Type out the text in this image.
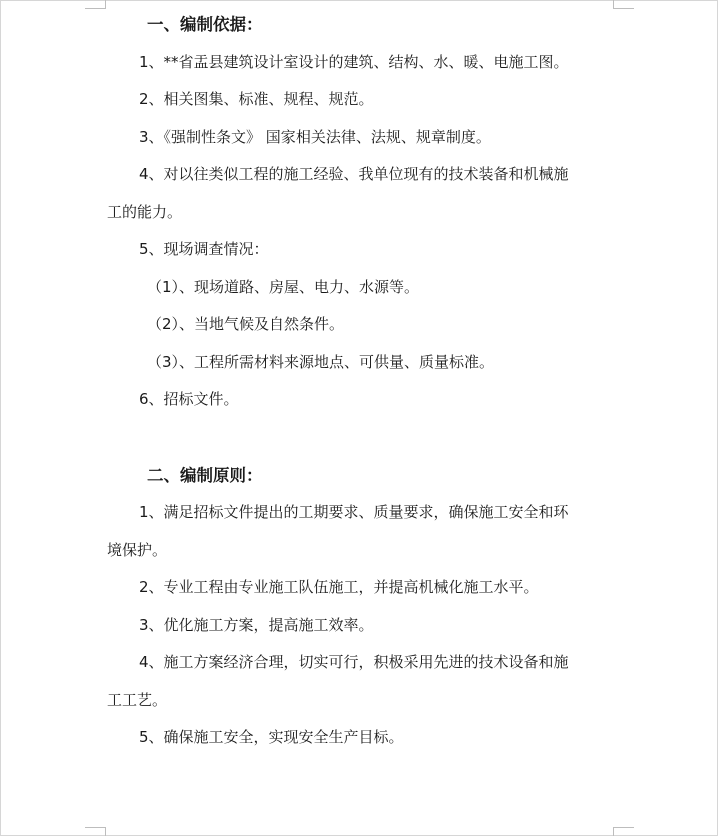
一、编制依据：
1、**省盂县建筑设计室设计的建筑、结构、水、暖、电施工图。
2、相关图集、标准、规程、规范。
3、《强制性条文》 国家相关法律、法规、规章制度。
4、对以往类似工程的施工经验、我单位现有的技术装备和机械施
工的能力。
5、现场调查情况：
（1）、现场道路、房屋、电力、水源等。
（2）、当地气候及自然条件。
（3）、工程所需材料来源地点、可供量、质量标准。
6、招标文件。
二、编制原则：
1、满足招标文件提出的工期要求、质量要求，确保施工安全和环
境保护。
2、专业工程由专业施工队伍施工，并提高机械化施工水平。
3、优化施工方案，提高施工效率。
4、施工方案经济合理，切实可行，积极采用先进的技术设备和施
工工艺。
5、确保施工安全，实现安全生产目标。
